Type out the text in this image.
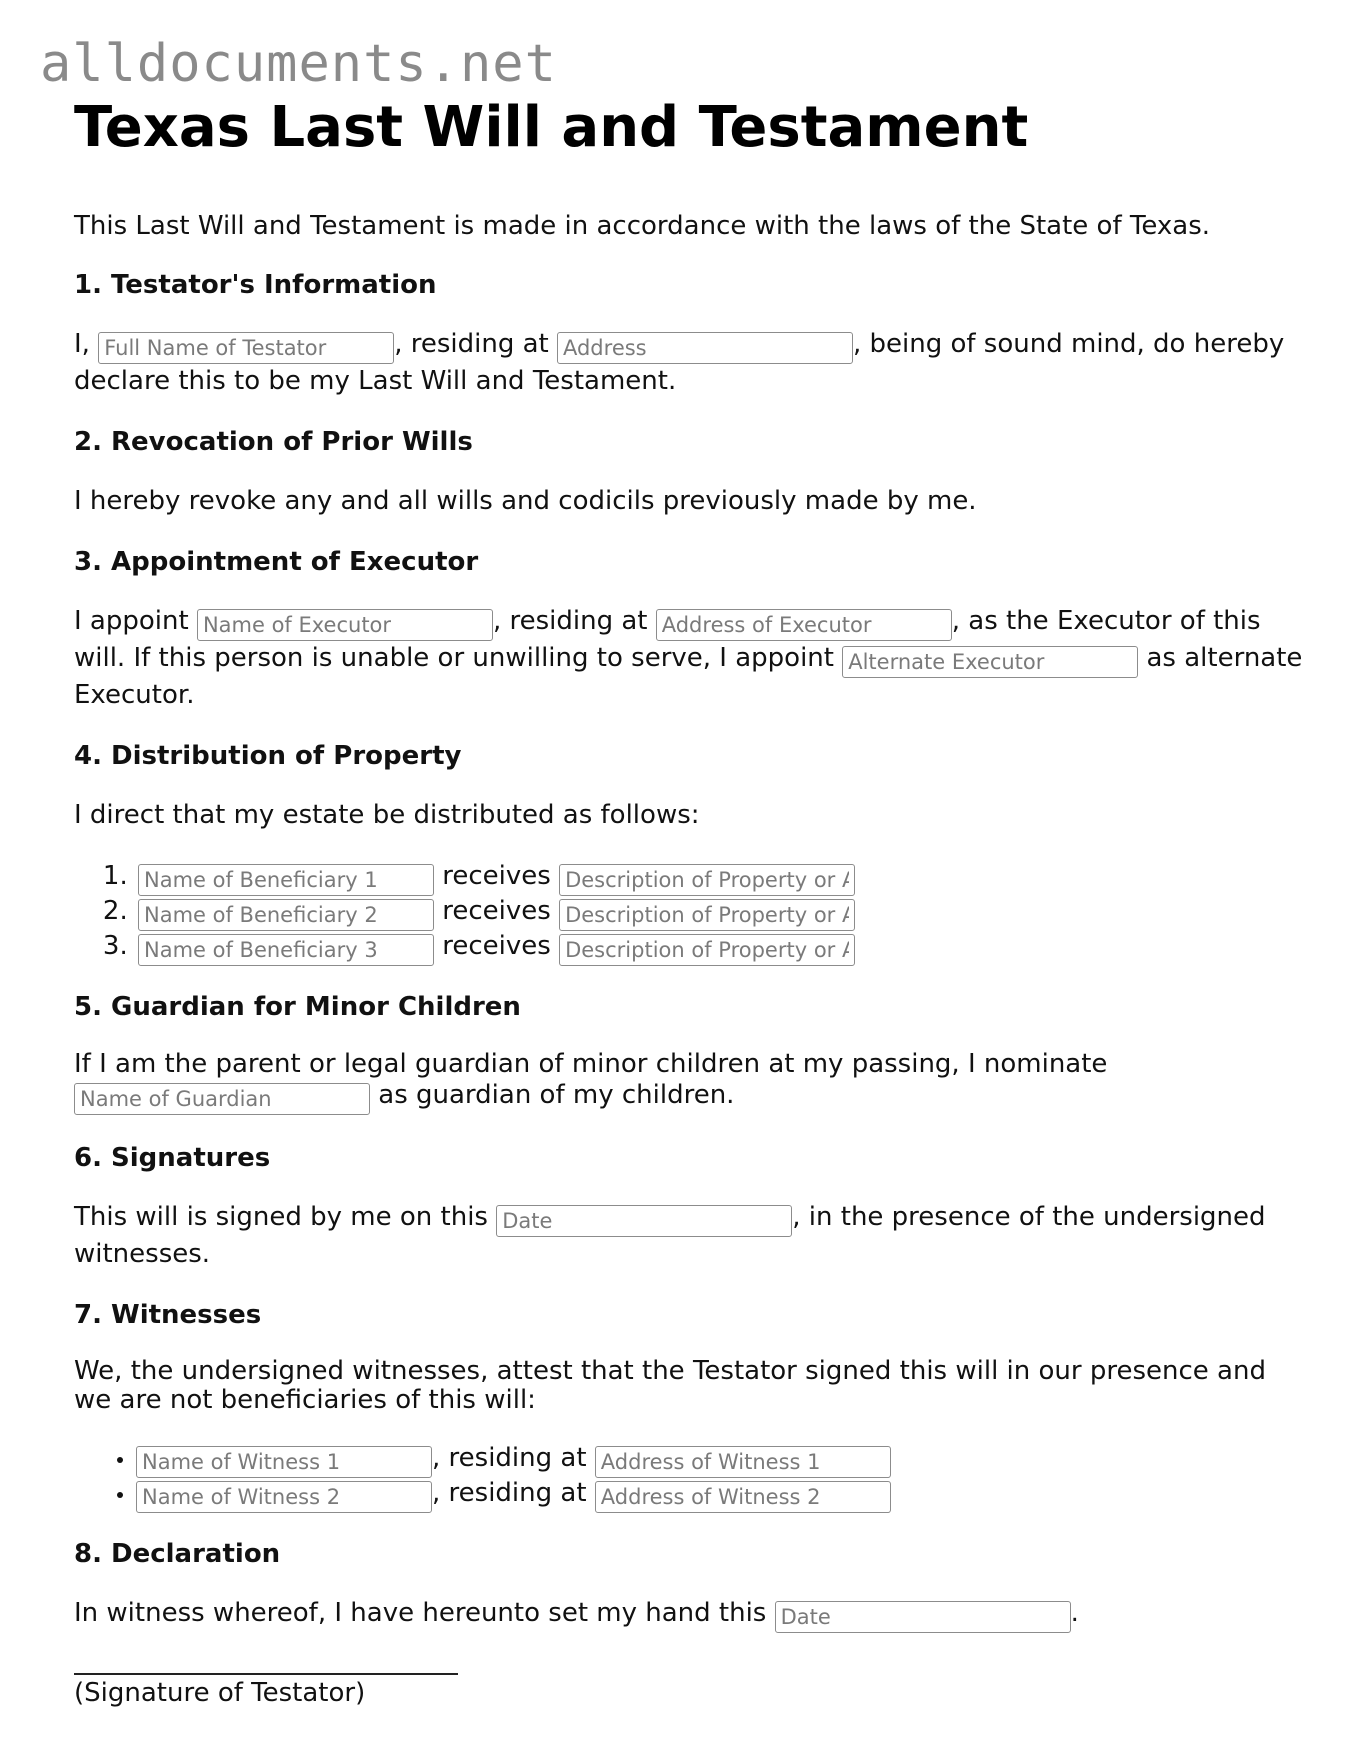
alldocuments.net
Texas Last Will and Testament
This Last Will and Testament is made in accordance with the laws of the State of Texas.
1. Testator's Information

I, Full Name of Testator	, residing at Address	, being of sound mind, do hereby declare this to be my Last Will and Testament.

2. Revocation of Prior Wills

I hereby revoke any and all wills and codicils previously made by me.

3. Appointment of Executor

I appoint Name of Executor	, residing at Address of Executor	, as the Executor of this will. If this person is unable or unwilling to serve, I appoint Alternate Executor	as alternate Executor.

4. Distribution of Property

I direct that my estate be distributed as follows:

Name of Beneficiary 1 1. receives Description of Property or Amount
Name of Beneficiary 2 2. receives Description of Property or Amount
Name of Beneficiary 3 3. receives Description of Property or Amount
5. Guardian for Minor Children

If I am the parent or legal guardian of minor children at my passing, I nominate
Name of Guardian as guardian of my children.

6. Signatures

This will is signed by me on this Date	, in the presence of the undersigned witnesses.

7. Witnesses

We, the undersigned witnesses, attest that the Testator signed this will in our presence and we are not beneficiaries of this will:

Name of Witness 1 • , residing at Address of Witness 1
Name of Witness 2 • , residing at Address of Witness 2
8. Declaration

In witness whereof, I have hereunto set my hand this Date	.

(Signature of Testator)
